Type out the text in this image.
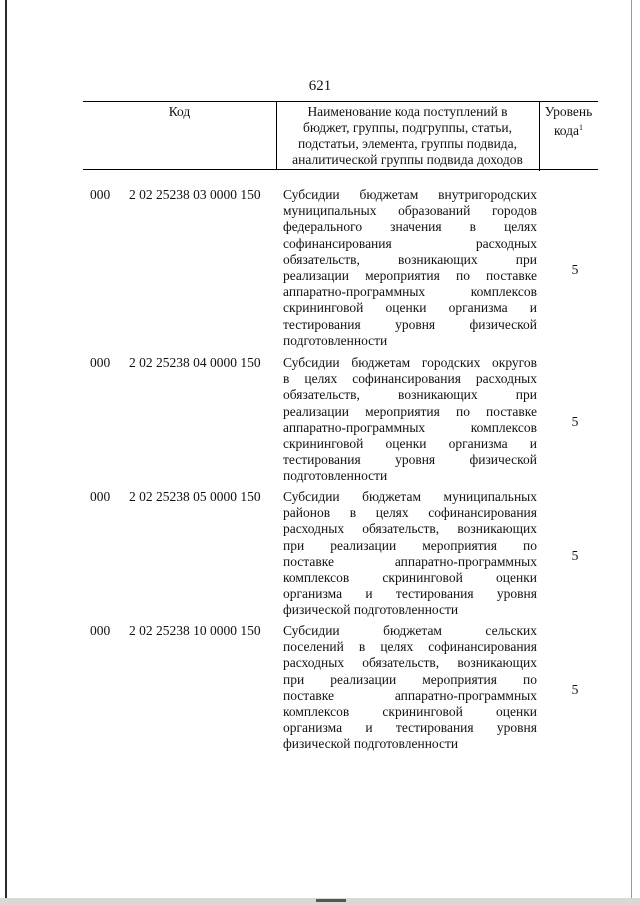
621
Код	Наименование кода поступлений в
бюджет, группы, подгруппы, статьи,
подстатьи, элемента, группы подвида,
аналитической группы подвида доходов
Уровень
кода$^1$
000 2 02 25238 03 0000 150 Субсидии бюджетам внутригородских
муниципальных образований городов
федерального значения в целях
софинансирования расходных
обязательств, возникающих при
реализации мероприятия по поставке
аппаратно-программных комплексов
скрининговой оценки организма и
тестирования уровня физической
подготовленности
5
000 2 02 25238 04 0000 150 Субсидии бюджетам городских округов
в целях софинансирования расходных
обязательств, возникающих при
реализации мероприятия по поставке
аппаратно-программных комплексов
скрининговой оценки организма и
тестирования уровня физической
подготовленности
5
000 2 02 25238 05 0000 150 Субсидии бюджетам муниципальных
районов в целях софинансирования
расходных обязательств, возникающих
при реализации мероприятия по
поставке аппаратно-программных
комплексов скрининговой оценки
организма и тестирования уровня
физической подготовленности
5
000 2 02 25238 10 0000 150 Субсидии бюджетам сельских
поселений в целях софинансирования
расходных обязательств, возникающих
при реализации мероприятия по
поставке аппаратно-программных
комплексов скрининговой оценки
организма и тестирования уровня
физической подготовленности
5
